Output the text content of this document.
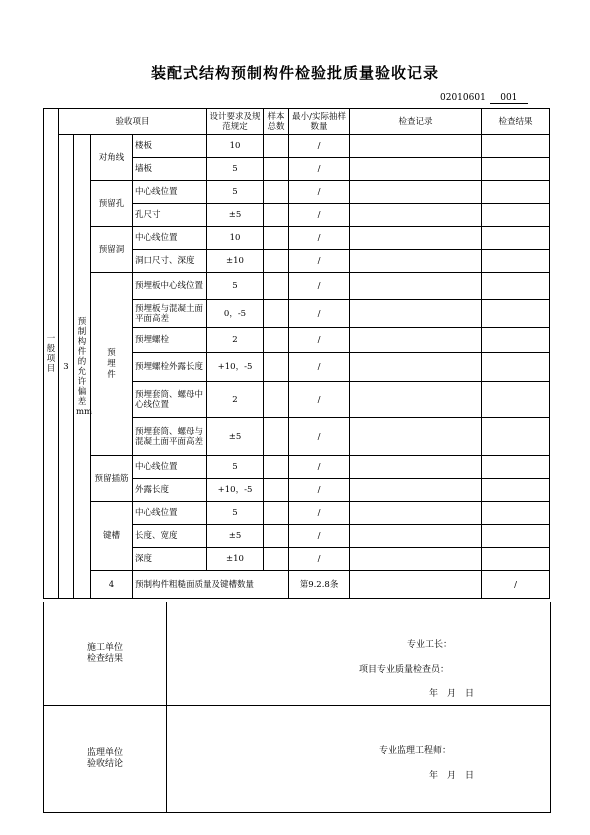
装配式结构预制构件检验批质量验收记录
02010601 001
一般项目	验收项目				设计要求及规范规定	样本总数	最小/实际抽样数量	检查记录	检查结果	
	3	预制构件的允许偏差mm	对角线	楼板	10		/			
				墙板	5		/			
			预留孔	中心线位置	5		/			
				孔尺寸	±5		/			
			预留洞	中心线位置	10		/			
				洞口尺寸、深度	±10		/			

			预埋件	预埋板中心线位置	5		/			
				预埋板与混凝土面平面高差	0，-5		/			
				预埋螺栓	2		/			
				预埋螺栓外露长度	+10，-5		/			
				预埋套筒、螺母中心线位置	2		/			
				预埋套筒、螺母与混凝土面平面高差	±5		/			
			预留插筋	中心线位置	5		/			
				外露长度	+10，-5		/			
			键槽	中心线位置	5		/			
				长度、宽度	±5		/			
				深度	±10		/			
			4	预制构件粗糙面质量及键槽数量			第9.2.8条		/		
施工单位检查结果
专业工长：
项目专业质量检查员：
年　月　日
监理单位验收结论
专业监理工程师：
年　月　日
